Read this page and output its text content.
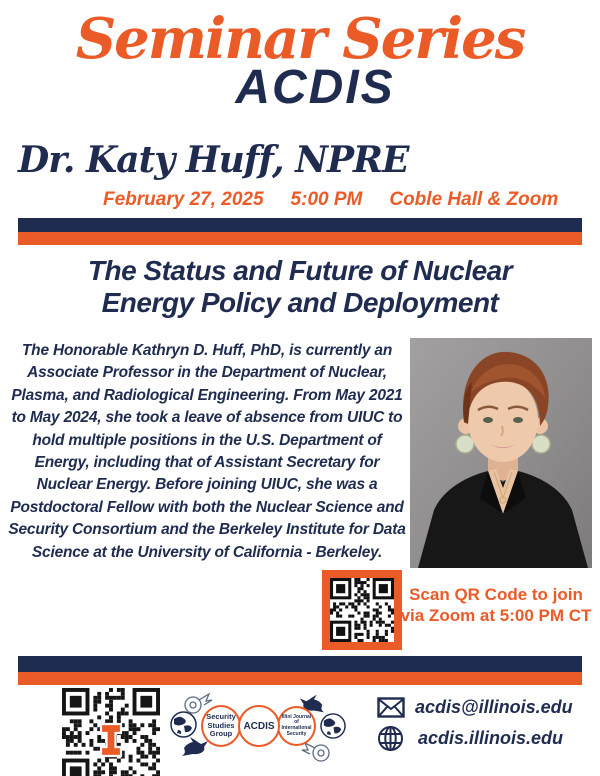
Seminar Series
ACDIS
Dr. Katy Huff, NPRE
February 27, 2025 5:00 PM Coble Hall & Zoom
The Status and Future of Nuclear
Energy Policy and Deployment

The Honorable Kathryn D. Huff, PhD, is currently an Associate Professor in the Department of Nuclear, Plasma, and Radiological Engineering. From May 2021 to May 2024, she took a leave of absence from UIUC to hold multiple positions in the U.S. Department of Energy, including that of Assistant Secretary for Nuclear Energy. Before joining UIUC, she was a Postdoctoral Fellow with both the Nuclear Science and Security Consortium and the Berkeley Institute for Data Science at the University of California - Berkeley.

Scan QR Code to join
via Zoom at 5:00 PM CT
Security Studies Group
ACDIS
Illini Journal of International Security
acdis@illinois.edu
acdis.illinois.edu
